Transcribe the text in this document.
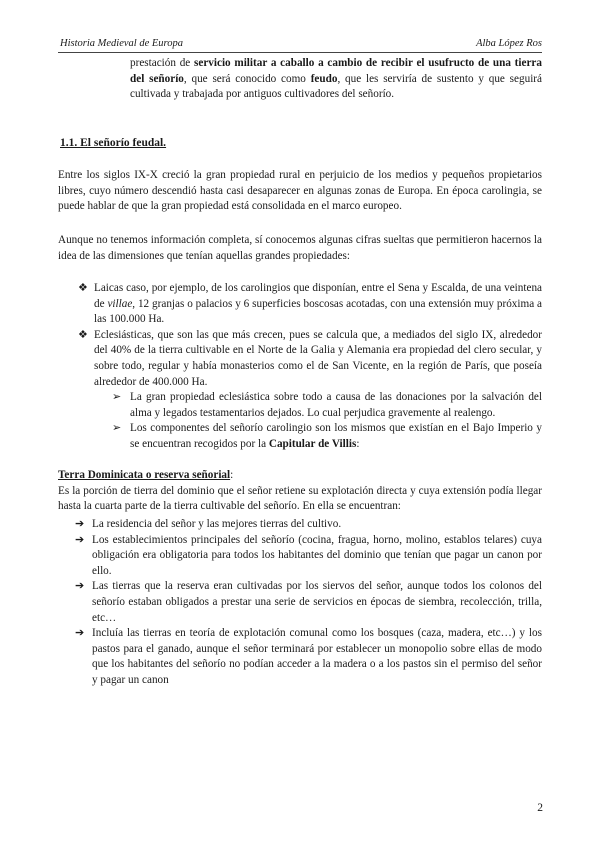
Historia Medieval de Europa	Alba López Ros
prestación de servicio militar a caballo a cambio de recibir el usufructo de una tierra del señorío, que será conocido como feudo, que les serviría de sustento y que seguirá cultivada y trabajada por antiguos cultivadores del señorío.
1.1. El señorío feudal.
Entre los siglos IX-X creció la gran propiedad rural en perjuicio de los medios y pequeños propietarios libres, cuyo número descendió hasta casi desaparecer en algunas zonas de Europa. En época carolingia, se puede hablar de que la gran propiedad está consolidada en el marco europeo.
Aunque no tenemos información completa, sí conocemos algunas cifras sueltas que permitieron hacernos la idea de las dimensiones que tenían aquellas grandes propiedades:
❖ Laicas caso, por ejemplo, de los carolingios que disponían, entre el Sena y Escalda, de una veintena de villae, 12 granjas o palacios y 6 superficies boscosas acotadas, con una extensión muy próxima a las 100.000 Ha.
❖ Eclesiásticas, que son las que más crecen, pues se calcula que, a mediados del siglo IX, alrededor del 40% de la tierra cultivable en el Norte de la Galia y Alemania era propiedad del clero secular, y sobre todo, regular y había monasterios como el de San Vicente, en la región de París, que poseía alrededor de 400.000 Ha.
➢ La gran propiedad eclesiástica sobre todo a causa de las donaciones por la salvación del alma y legados testamentarios dejados. Lo cual perjudica gravemente al realengo.
➢ Los componentes del señorío carolingio son los mismos que existían en el Bajo Imperio y se encuentran recogidos por la Capitular de Villis:

Terra Dominicata o reserva señorial:

Es la porción de tierra del dominio que el señor retiene su explotación directa y cuya extensión podía llegar hasta la cuarta parte de la tierra cultivable del señorío. En ella se encuentran:

➔ La residencia del señor y las mejores tierras del cultivo.
➔ Los establecimientos principales del señorío (cocina, fragua, horno, molino, establos telares) cuya obligación era obligatoria para todos los habitantes del dominio que tenían que pagar un canon por ello.
➔ Las tierras que la reserva eran cultivadas por los siervos del señor, aunque todos los colonos del señorío estaban obligados a prestar una serie de servicios en épocas de siembra, recolección, trilla, etc…
➔ Incluía las tierras en teoría de explotación comunal como los bosques (caza, madera, etc…) y los pastos para el ganado, aunque el señor terminará por establecer un monopolio sobre ellas de modo que los habitantes del señorío no podían acceder a la madera o a los pastos sin el permiso del señor y pagar un canon
2
